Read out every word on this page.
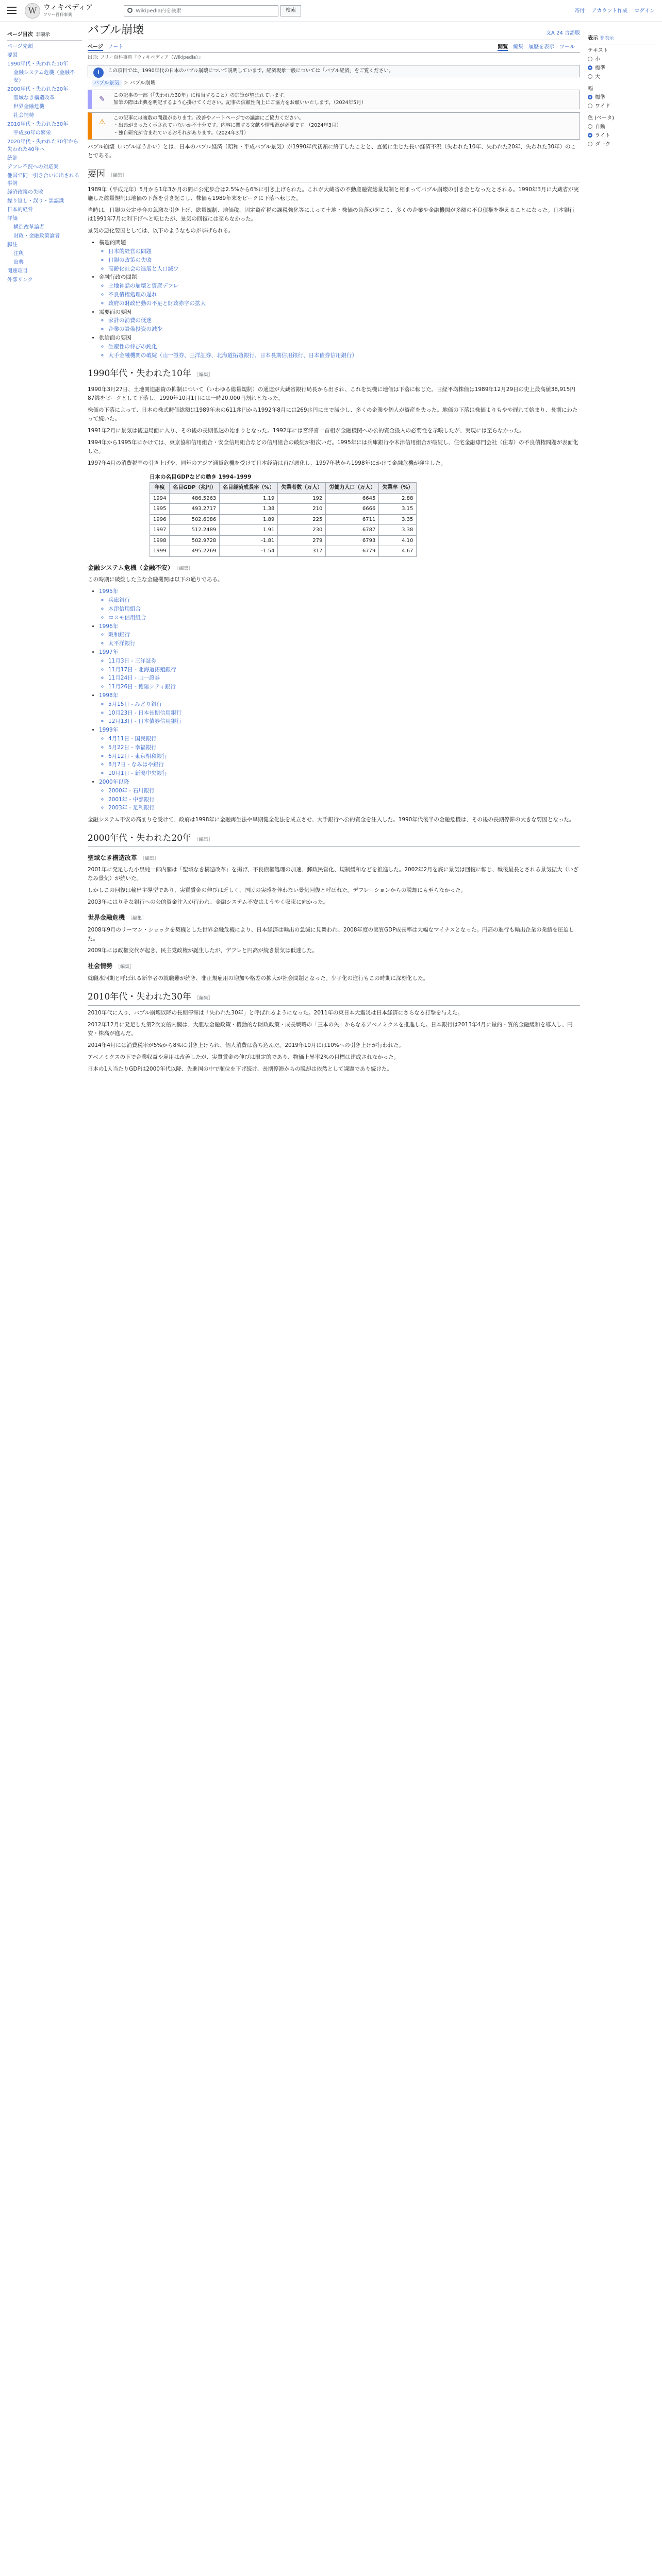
W ウィキペディア
フリー百科事典
Wikipedia内を検索	検索	寄付 アカウント作成 ログイン
ページ目次 非表示
ページ先頭
要因
1990年代・失われた10年
金融システム危機（金融不安）
2000年代・失われた20年
聖域なき構造改革
世界金融危機
社会情勢
2010年代・失われた30年
平成30年の繁栄
2020年代・失われた30年から失われた40年へ
統計
デフレ不況への対応案
他国で同一引き合いに出される事例
経済政策の失敗
繰り返し・誤り・誤認識
日本的経営
評価
構造改革論者
財政・金融政策論者
脚注
注釈
出典
関連項目
外部リンク
表示 非表示
テキスト
小
標準
大
幅
標準
ワイド
色 (ベータ)
自動
ライト
ダーク
バブル崩壊	文A 24 言語版
ページ ノート	閲覧 編集 履歴を表示 ツール
出典: フリー百科事典『ウィキペディア（Wikipedia）』
i	この項目では、1990年代の日本のバブル崩壊について説明しています。経済現象一般については「バブル経済」をご覧ください。
バブル景気 ＞ バブル崩壊
✎	この記事の一部（「失われた30年」に相当すること）の加筆が望まれています。
加筆の際は出典を明記するよう心掛けてください。記事の信頼性向上にご協力をお願いいたします。（2024年5月）
⚠	この記事には複数の問題があります。改善やノートページでの議論にご協力ください。
・出典がまったく示されていないか不十分です。内容に関する文献や情報源が必要です。（2024年3月）
・独自研究が含まれているおそれがあります。（2024年3月）

バブル崩壊（バブルほうかい）とは、日本のバブル経済（昭和・平成バブル景気）が1990年代初頭に終了したことと、直後に生じた長い経済不況（失われた10年、失われた20年、失われた30年）のことである。

要因 ［編集］

1989年（平成元年）5月から1年3か月の間に公定歩合は2.5%から6%に引き上げられた。これが大蔵省の不動産融資総量規制と相まってバブル崩壊の引き金となったとされる。1990年3月に大蔵省が実施した総量規制は地価の下落を引き起こし、株価も1989年末をピークに下落へ転じた。

当時は、日銀の公定歩合の急激な引き上げ、総量規制、地価税、固定資産税の課税強化等によって土地・株価の急落が起こり、多くの企業や金融機関が多額の不良債権を抱えることになった。日本銀行は1991年7月に利下げへと転じたが、景気の回復には至らなかった。

景気の悪化要因としては、以下のようなものが挙げられる。

• 構造的問題
◦ 日本的経営の問題
◦ 日銀の政策の失敗
◦ 高齢化社会の進展と人口減少
• 金融行政の問題
◦ 土地神話の崩壊と資産デフレ
◦ 不良債権処理の遅れ
◦ 政府の財政出動の不足と財政赤字の拡大
• 需要面の要因
◦ 家計の消費の低迷
◦ 企業の設備投資の減少
• 供給面の要因
◦ 生産性の伸びの鈍化
◦ 大手金融機関の破綻（山一證券、三洋証券、北海道拓殖銀行、日本長期信用銀行、日本債券信用銀行）
1990年代・失われた10年 ［編集］

1990年3月27日、土地関連融資の抑制について（いわゆる総量規制）の通達が大蔵省銀行局長から出され、これを契機に地価は下落に転じた。日経平均株価は1989年12月29日の史上最高値38,915円87銭をピークとして下落し、1990年10月1日には一時20,000円割れとなった。

株価の下落によって、日本の株式時価総額は1989年末の611兆円から1992年8月には269兆円にまで減少し、多くの企業や個人が資産を失った。地価の下落は株価よりもやや遅れて始まり、長期にわたって続いた。

1991年2月に景気は後退局面に入り、その後の長期低迷の始まりとなった。1992年には宮澤喜一首相が金融機関への公的資金投入の必要性を示唆したが、実現には至らなかった。

1994年から1995年にかけては、東京協和信用組合・安全信用組合などの信用組合の破綻が相次いだ。1995年には兵庫銀行や木津信用組合が破綻し、住宅金融専門会社（住専）の不良債権問題が表面化した。

1997年4月の消費税率の引き上げや、同年のアジア通貨危機を受けて日本経済は再び悪化し、1997年秋から1998年にかけて金融危機が発生した。

日本の名目GDPなどの動き 1994–1999
年度	名目GDP（兆円）	名目経済成長率（%）	失業者数（万人）	労働力人口（万人）	失業率（%）
1994	486.5263	1.19	192	6645	2.88
1995	493.2717	1.38	210	6666	3.15
1996	502.6086	1.89	225	6711	3.35
1997	512.2489	1.91	230	6787	3.38
1998	502.9728	-1.81	279	6793	4.10
1999	495.2269	-1.54	317	6779	4.67
金融システム危機（金融不安） ［編集］

この時期に破綻した主な金融機関は以下の通りである。

• 1995年
◦ 兵庫銀行
◦ 木津信用組合
◦ コスモ信用組合
• 1996年
◦ 阪和銀行
◦ 太平洋銀行
• 1997年
◦ 11月3日 - 三洋証券
◦ 11月17日 - 北海道拓殖銀行
◦ 11月24日 - 山一證券
◦ 11月26日 - 徳陽シティ銀行
• 1998年
◦ 5月15日 - みどり銀行
◦ 10月23日 - 日本長期信用銀行
◦ 12月13日 - 日本債券信用銀行
• 1999年
◦ 4月11日 - 国民銀行
◦ 5月22日 - 幸福銀行
◦ 6月12日 - 東京相和銀行
◦ 8月7日 - なみはや銀行
◦ 10月1日 - 新潟中央銀行
• 2000年以降
◦ 2000年 - 石川銀行
◦ 2001年 - 中部銀行
◦ 2003年 - 足利銀行

金融システム不安の高まりを受けて、政府は1998年に金融再生法や早期健全化法を成立させ、大手銀行へ公的資金を注入した。1990年代後半の金融危機は、その後の長期停滞の大きな要因となった。

2000年代・失われた20年 ［編集］
聖域なき構造改革 ［編集］

2001年に発足した小泉純一郎内閣は「聖域なき構造改革」を掲げ、不良債権処理の加速、郵政民営化、規制緩和などを推進した。2002年2月を底に景気は回復に転じ、戦後最長とされる景気拡大（いざなみ景気）が続いた。

しかしこの回復は輸出主導型であり、実質賃金の伸びは乏しく、国民の実感を伴わない景気回復と呼ばれた。デフレーションからの脱却にも至らなかった。

2003年にはりそな銀行への公的資金注入が行われ、金融システム不安はようやく収束に向かった。

世界金融危機 ［編集］

2008年9月のリーマン・ショックを契機とした世界金融危機により、日本経済は輸出の急減に見舞われ、2008年度の実質GDP成長率は大幅なマイナスとなった。円高の進行も輸出企業の業績を圧迫した。

2009年には政権交代が起き、民主党政権が誕生したが、デフレと円高が続き景気は低迷した。

社会情勢 ［編集］

就職氷河期と呼ばれる新卒者の就職難が続き、非正規雇用の増加や格差の拡大が社会問題となった。少子化の進行もこの時期に深刻化した。

2010年代・失われた30年 ［編集］

2010年代に入り、バブル崩壊以降の長期停滞は「失われた30年」と呼ばれるようになった。2011年の東日本大震災は日本経済にさらなる打撃を与えた。

2012年12月に発足した第2次安倍内閣は、大胆な金融政策・機動的な財政政策・成長戦略の「三本の矢」からなるアベノミクスを推進した。日本銀行は2013年4月に量的・質的金融緩和を導入し、円安・株高が進んだ。

2014年4月には消費税率が5%から8%に引き上げられ、個人消費は落ち込んだ。2019年10月には10%への引き上げが行われた。

アベノミクスの下で企業収益や雇用は改善したが、実質賃金の伸びは限定的であり、物価上昇率2%の目標は達成されなかった。

日本の1人当たりGDPは2000年代以降、先進国の中で順位を下げ続け、長期停滞からの脱却は依然として課題であり続けた。
